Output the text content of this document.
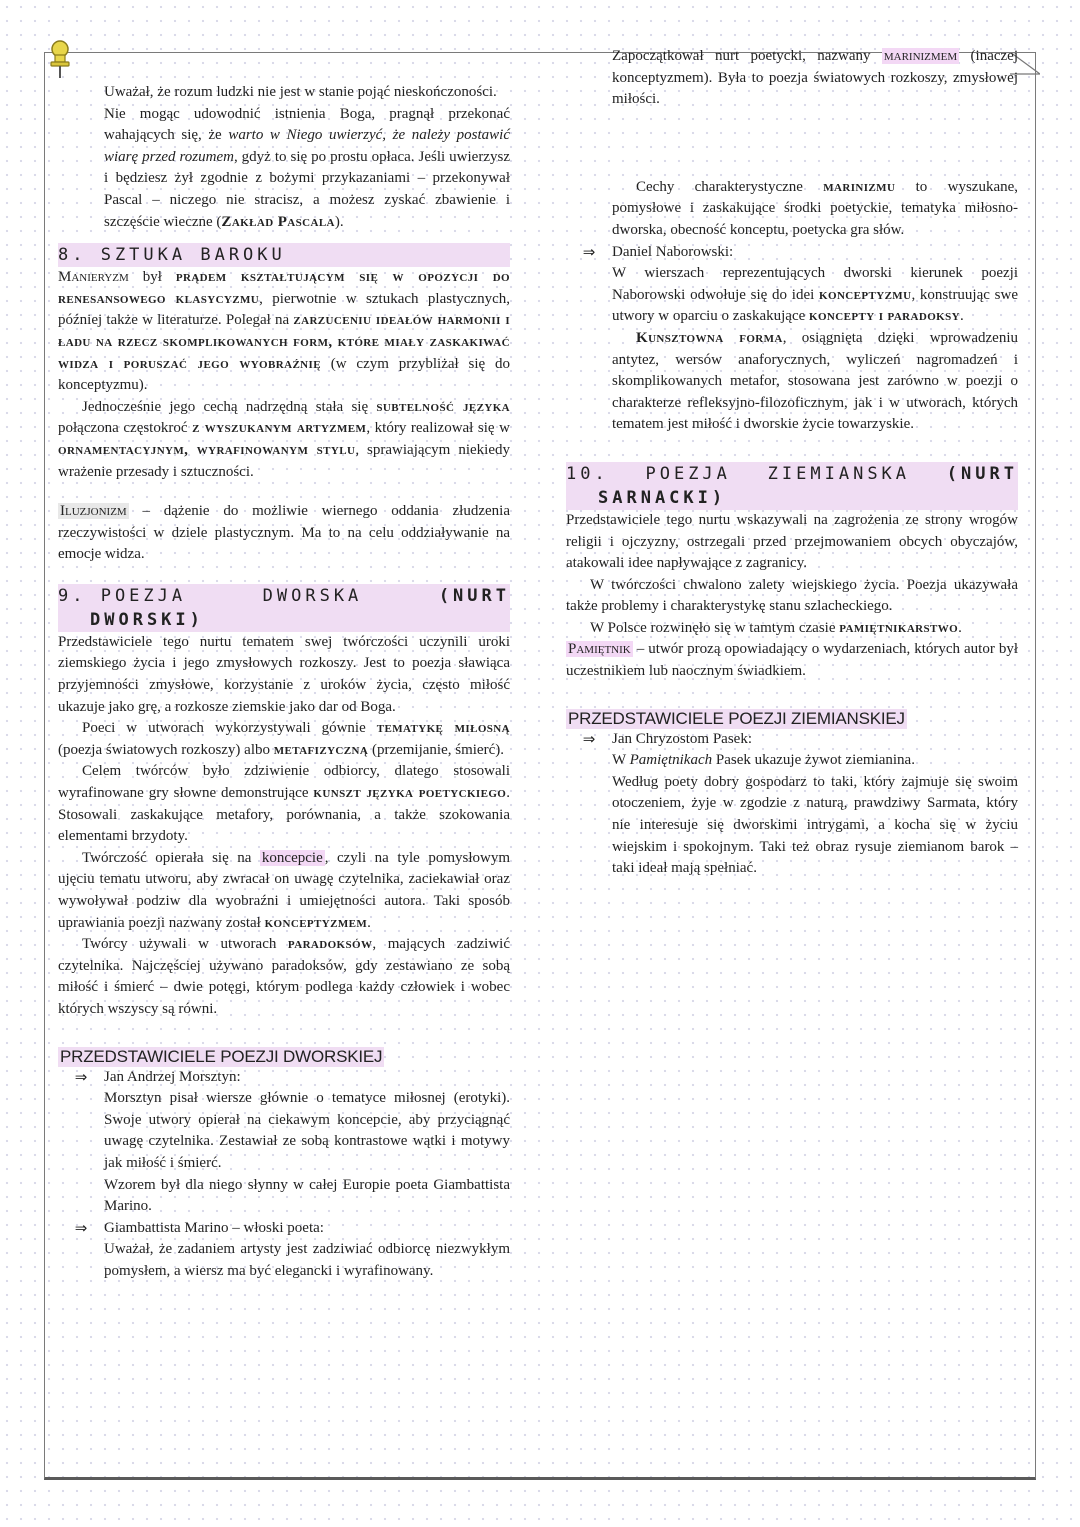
Uważał, że rozum ludzki nie jest w stanie pojąć nieskończoności.

Nie mogąc udowodnić istnienia Boga, pragnął przekonać wahających się, że warto w Niego uwierzyć, że należy postawić wiarę przed rozumem, gdyż to się po prostu opłaca. Jeśli uwierzysz i będziesz żył zgodnie z bożymi przykazaniami – przekonywał Pascal – niczego nie stracisz, a możesz zyskać zbawienie i szczęście wieczne (Zakład Pascala).

8. SZTUKA BAROKU

Manieryzm był prądem kształtującym się w opozycji do renesansowego klasycyzmu, pierwotnie w sztukach plastycznych, później także w literaturze. Polegał na zarzuceniu ideałów harmonii i ładu na rzecz skomplikowanych form, które miały zaskakiwać widza i poruszać jego wyobraźnię (w czym przybliżał się do konceptyzmu).

Jednocześnie jego cechą nadrzędną stała się subtelność języka połączona częstokroć z wyszukanym artyzmem, który realizował się w ornamentacyjnym, wyrafinowanym stylu, sprawiającym niekiedy wrażenie przesady i sztuczności.

Iluzjonizm – dążenie do możliwie wiernego oddania złudzenia rzeczywistości w dziele plastycznym. Ma to na celu oddziaływanie na emocje widza.

9. POEZJA	DWORSKA	(NURT
DWORSKI)

Przedstawiciele tego nurtu tematem swej twórczości uczynili uroki ziemskiego życia i jego zmysłowych rozkoszy. Jest to poezja sławiąca przyjemności zmysłowe, korzystanie z uroków życia, często miłość ukazuje jako grę, a rozkosze ziemskie jako dar od Boga.

Poeci w utworach wykorzystywali gównie tematykę miłosną (poezja światowych rozkoszy) albo metafizyczną (przemijanie, śmierć).

Celem twórców było zdziwienie odbiorcy, dlatego stosowali wyrafinowane gry słowne demonstrujące kunszt języka poetyckiego. Stosowali zaskakujące metafory, porównania, a także szokowania elementami brzydoty.

Twórczość opierała się na koncepcie , czyli na tyle pomysłowym ujęciu tematu utworu, aby zwracał on uwagę czytelnika, zaciekawiał oraz wywoływał podziw dla wyobraźni i umiejętności autora. Taki sposób uprawiania poezji nazwany został konceptyzmem.

Twórcy używali w utworach paradoksów, mających zadziwić czytelnika. Najczęściej używano paradoksów, gdy zestawiano ze sobą miłość i śmierć – dwie potęgi, którym podlega każdy człowiek i wobec których wszyscy są równi.

PRZEDSTAWICIELE POEZJI DWORSKIEJ
⇒	Jan Andrzej Morsztyn:

Morsztyn pisał wiersze głównie o tematyce miłosnej (erotyki). Swoje utwory opierał na ciekawym koncepcie, aby przyciągnąć uwagę czytelnika. Zestawiał ze sobą kontrastowe wątki i motywy jak miłość i śmierć.

Wzorem był dla niego słynny w całej Europie poeta Giambattista Marino.

⇒	Giambattista Marino – włoski poeta:

Uważał, że zadaniem artysty jest zadziwiać odbiorcę niezwykłym pomysłem, a wiersz ma być elegancki i wyrafinowany.

Zapoczątkował nurt poetycki, nazwany marinizmem (inaczej konceptyzmem). Była to poezja światowych rozkoszy, zmysłowej miłości.

Cechy charakterystyczne marinizmu to wyszukane, pomysłowe i zaskakujące środki poetyckie, tematyka miłosno-dworska, obecność konceptu, poetycka gra słów.

⇒	Daniel Naborowski:

W wierszach reprezentujących dworski kierunek poezji Naborowski odwołuje się do idei konceptyzmu, konstruując swe utwory w oparciu o zaskakujące koncepty i paradoksy.

Kunsztowna forma, osiągnięta dzięki wprowadzeniu antytez, wersów anaforycznych, wyliczeń nagromadzeń i skomplikowanych metafor, stosowana jest zarówno w poezji o charakterze refleksyjno-filozoficznym, jak i w utworach, których tematem jest miłość i dworskie życie towarzyskie.

10. POEZJA ZIEMIANSKA (NURT
SARNACKI)

Przedstawiciele tego nurtu wskazywali na zagrożenia ze strony wrogów religii i ojczyzny, ostrzegali przed przejmowaniem obcych obyczajów, atakowali idee napływające z zagranicy.

W twórczości chwalono zalety wiejskiego życia. Poezja ukazywała także problemy i charakterystykę stanu szlacheckiego.

W Polsce rozwinęło się w tamtym czasie pamiętnikarstwo.

Pamiętnik – utwór prozą opowiadający o wydarzeniach, których autor był uczestnikiem lub naocznym świadkiem.

PRZEDSTAWICIELE POEZJI ZIEMIANSKIEJ
⇒	Jan Chryzostom Pasek:

W Pamiętnikach Pasek ukazuje żywot ziemianina.

Według poety dobry gospodarz to taki, który zajmuje się swoim otoczeniem, żyje w zgodzie z naturą, prawdziwy Sarmata, który nie interesuje się dworskimi intrygami, a kocha się w życiu wiejskim i spokojnym. Taki też obraz rysuje ziemianom barok – taki ideał mają spełniać.
